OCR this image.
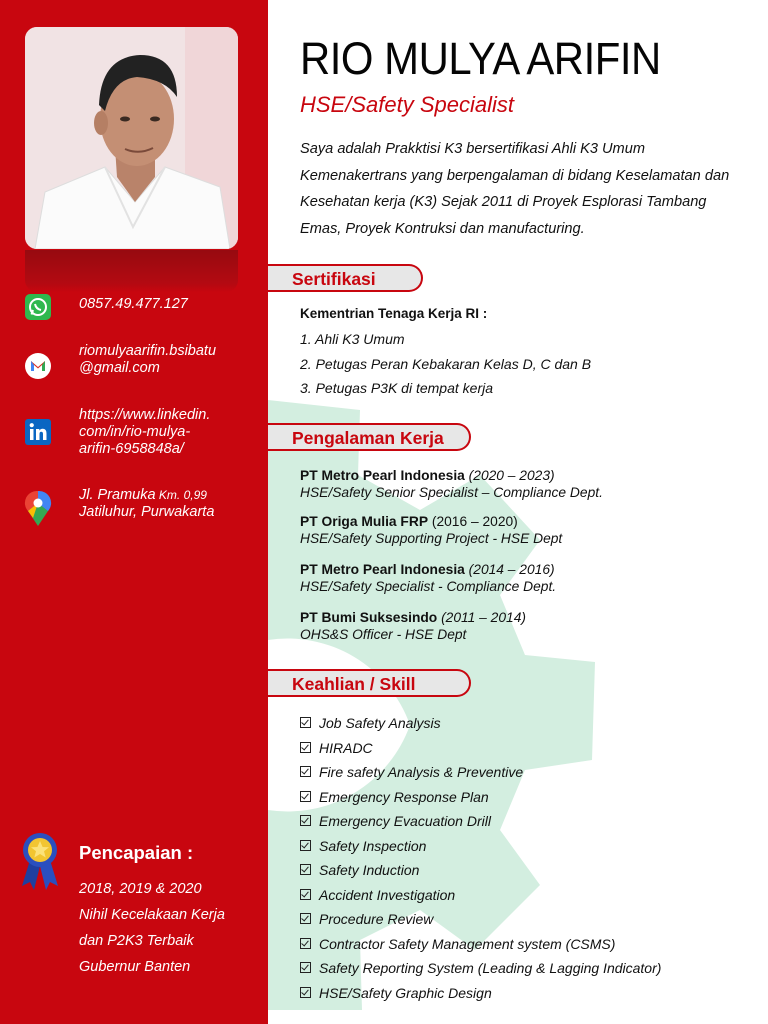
0857.49.477.127
riomulyaarifin.bsibatu
@gmail.com
https://www.linkedin.
com/in/rio-mulya-
arifin-6958848a/
Jl. Pramuka Km. 0,99
Jatiluhur, Purwakarta
Pencapaian :
2018, 2019 & 2020
Nihil Kecelakaan Kerja
dan P2K3 Terbaik
Gubernur Banten
RIO MULYA ARIFIN
HSE/Safety Specialist
Saya adalah Prakktisi K3 bersertifikasi Ahli K3 Umum Kemenakertrans yang berpengalaman di bidang Keselamatan dan Kesehatan kerja (K3) Sejak 2011 di Proyek Esplorasi Tambang Emas, Proyek Kontruksi dan manufacturing.
Sertifikasi
Kementrian Tenaga Kerja RI :
1. Ahli K3 Umum
2. Petugas Peran Kebakaran Kelas D, C dan B
3. Petugas P3K di tempat kerja
Pengalaman Kerja
PT Metro Pearl Indonesia (2020 – 2023)
HSE/Safety Senior Specialist – Compliance Dept.
PT Origa Mulia FRP (2016 – 2020)
HSE/Safety Supporting Project - HSE Dept
PT Metro Pearl Indonesia (2014 – 2016)
HSE/Safety Specialist - Compliance Dept.
PT Bumi Suksesindo (2011 – 2014)
OHS&S Officer - HSE Dept
Keahlian / Skill
Job Safety Analysis
HIRADC
Fire safety Analysis & Preventive
Emergency Response Plan
Emergency Evacuation Drill
Safety Inspection
Safety Induction
Accident Investigation
Procedure Review
Contractor Safety Management system (CSMS)
Safety Reporting System (Leading & Lagging Indicator)
HSE/Safety Graphic Design
